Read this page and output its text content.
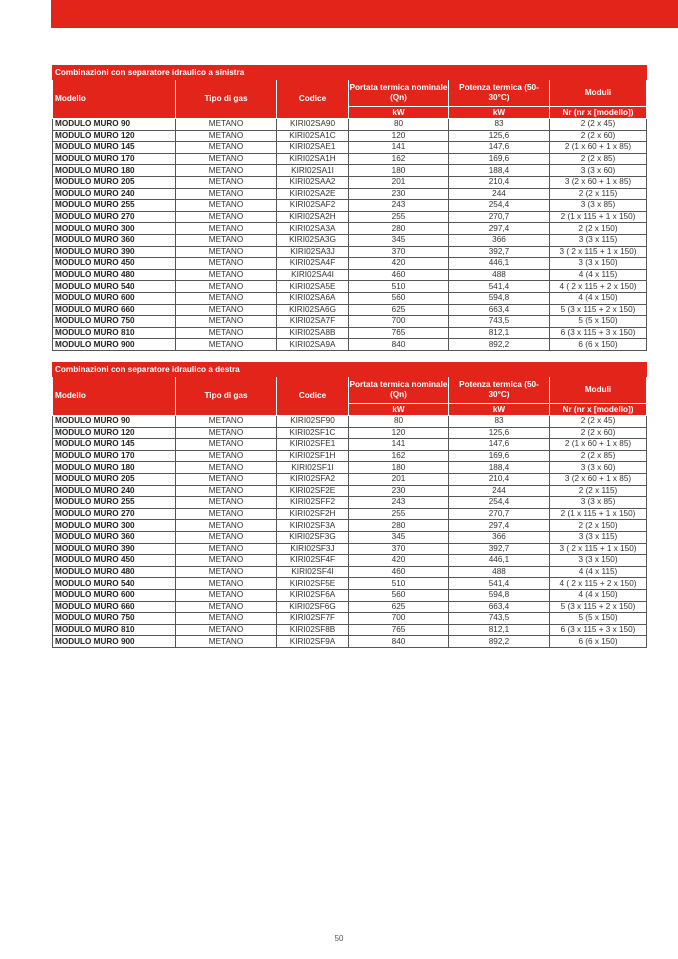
Combinazioni con separatore idraulico a sinistra					
Modello	Tipo di gas	Codice	Portata termica nominale (Qn)	Potenza termica (50-30°C)	Moduli
			kW	kW	Nr (nr x [modello])
MODULO MURO 90	METANO	KIRI02SA90	80	83	2 (2 x 45)
MODULO MURO 120	METANO	KIRI02SA1C	120	125,6	2 (2 x 60)
MODULO MURO 145	METANO	KIRI02SAE1	141	147,6	2 (1 x 60 + 1 x 85)
MODULO MURO 170	METANO	KIRI02SA1H	162	169,6	2 (2 x 85)
MODULO MURO 180	METANO	KIRI02SA1I	180	188,4	3 (3 x 60)
MODULO MURO 205	METANO	KIRI02SAA2	201	210,4	3 (2 x 60 + 1 x 85)
MODULO MURO 240	METANO	KIRI02SA2E	230	244	2 (2 x 115)
MODULO MURO 255	METANO	KIRI02SAF2	243	254,4	3 (3 x 85)
MODULO MURO 270	METANO	KIRI02SA2H	255	270,7	2 (1 x 115 + 1 x 150)
MODULO MURO 300	METANO	KIRI02SA3A	280	297,4	2 (2 x 150)
MODULO MURO 360	METANO	KIRI02SA3G	345	366	3 (3 x 115)
MODULO MURO 390	METANO	KIRI02SA3J	370	392,7	3 ( 2 x 115 + 1 x 150)
MODULO MURO 450	METANO	KIRI02SA4F	420	446,1	3 (3 x 150)
MODULO MURO 480	METANO	KIRI02SA4I	460	488	4 (4 x 115)
MODULO MURO 540	METANO	KIRI02SA5E	510	541,4	4 ( 2 x 115 + 2 x 150)
MODULO MURO 600	METANO	KIRI02SA6A	560	594,8	4 (4 x 150)
MODULO MURO 660	METANO	KIRI02SA6G	625	663,4	5 (3 x 115 + 2 x 150)
MODULO MURO 750	METANO	KIRI02SA7F	700	743,5	5 (5 x 150)
MODULO MURO 810	METANO	KIRI02SA8B	765	812,1	6 (3 x 115 + 3 x 150)
MODULO MURO 900	METANO	KIRI02SA9A	840	892,2	6 (6 x 150)
Combinazioni con separatore idraulico a destra					
Modello	Tipo di gas	Codice	Portata termica nominale (Qn)	Potenza termica (50-30°C)	Moduli
			kW	kW	Nr (nr x [modello])
MODULO MURO 90	METANO	KIRI02SF90	80	83	2 (2 x 45)
MODULO MURO 120	METANO	KIRI02SF1C	120	125,6	2 (2 x 60)
MODULO MURO 145	METANO	KIRI02SFE1	141	147,6	2 (1 x 60 + 1 x 85)
MODULO MURO 170	METANO	KIRI02SF1H	162	169,6	2 (2 x 85)
MODULO MURO 180	METANO	KIRI02SF1I	180	188,4	3 (3 x 60)
MODULO MURO 205	METANO	KIRI02SFA2	201	210,4	3 (2 x 60 + 1 x 85)
MODULO MURO 240	METANO	KIRI02SF2E	230	244	2 (2 x 115)
MODULO MURO 255	METANO	KIRI02SFF2	243	254,4	3 (3 x 85)
MODULO MURO 270	METANO	KIRI02SF2H	255	270,7	2 (1 x 115 + 1 x 150)
MODULO MURO 300	METANO	KIRI02SF3A	280	297,4	2 (2 x 150)
MODULO MURO 360	METANO	KIRI02SF3G	345	366	3 (3 x 115)
MODULO MURO 390	METANO	KIRI02SF3J	370	392,7	3 ( 2 x 115 + 1 x 150)
MODULO MURO 450	METANO	KIRI02SF4F	420	446,1	3 (3 x 150)
MODULO MURO 480	METANO	KIRI02SF4I	460	488	4 (4 x 115)
MODULO MURO 540	METANO	KIRI02SF5E	510	541,4	4 ( 2 x 115 + 2 x 150)
MODULO MURO 600	METANO	KIRI02SF6A	560	594,8	4 (4 x 150)
MODULO MURO 660	METANO	KIRI02SF6G	625	663,4	5 (3 x 115 + 2 x 150)
MODULO MURO 750	METANO	KIRI02SF7F	700	743,5	5 (5 x 150)
MODULO MURO 810	METANO	KIRI02SF8B	765	812,1	6 (3 x 115 + 3 x 150)
MODULO MURO 900	METANO	KIRI02SF9A	840	892,2	6 (6 x 150)
50
